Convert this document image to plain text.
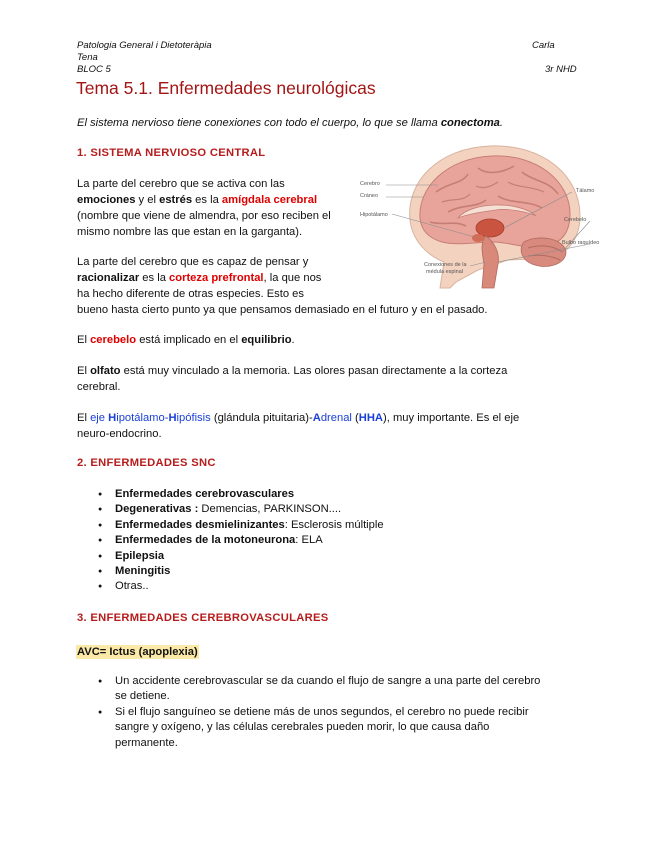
Patologia General i Dietoteràpia	Carla
Tena
BLOC 5	3r NHD
Tema 5.1. Enfermedades neurológicas
El sistema nervioso tiene conexiones con todo el cuerpo, lo que se llama conectoma.
1. SISTEMA NERVIOSO CENTRAL
La parte del cerebro que se activa con las
emociones y el estrés es la amígdala cerebral
(nombre que viene de almendra, por eso reciben el
mismo nombre las que estan en la garganta).
La parte del cerebro que es capaz de pensar y
racionalizar es la corteza prefrontal, la que nos
ha hecho diferente de otras especies. Esto es
bueno hasta cierto punto ya que pensamos demasiado en el futuro y en el pasado.
El cerebelo está implicado en el equilibrio.
El olfato está muy vinculado a la memoria. Las olores pasan directamente a la corteza
cerebral.
El eje Hipotálamo-Hipófisis (glándula pituitaria)-Adrenal (HHA), muy importante. Es el eje
neuro-endocrino.
Cerebro
Cráneo
Hipotálamo
Tálamo
Cerebelo
Bulbo raquídeo
Conexiones de la
médula espinal
2. ENFERMEDADES SNC
● Enfermedades cerebrovasculares
● Degenerativas : Demencias, PARKINSON....
● Enfermedades desmielinizantes: Esclerosis múltiple
● Enfermedades de la motoneurona: ELA
● Epilepsia
● Meningitis
● Otras..
3. ENFERMEDADES CEREBROVASCULARES
AVC= Ictus (apoplexia)
● Un accidente cerebrovascular se da cuando el flujo de sangre a una parte del cerebro
se detiene.
● Si el flujo sanguíneo se detiene más de unos segundos, el cerebro no puede recibir
sangre y oxígeno, y las células cerebrales pueden morir, lo que causa daño
permanente.
